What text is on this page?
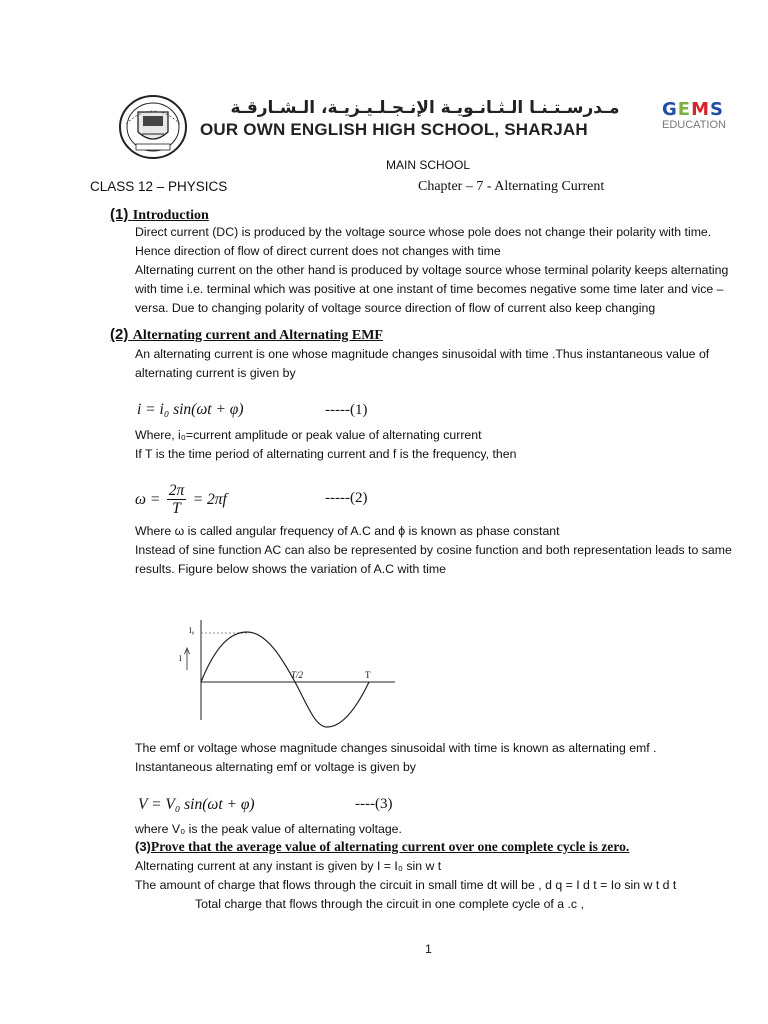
مـدرسـتـنـا الـثـانـويـة الإنـجـلـيـزيـة، الـشـارقـة
OUR OWN ENGLISH HIGH SCHOOL, SHARJAH
GEMS
EDUCATION
MAIN SCHOOL
CLASS 12 – PHYSICS	Chapter – 7 - Alternating Current
(1) Introduction
Direct current (DC) is produced by the voltage source whose pole does not change their polarity with time.
Hence direction of flow of direct current does not changes with time
Alternating current on the other hand is produced by voltage source whose terminal polarity keeps alternating
with time i.e. terminal which was positive at one instant of time becomes negative some time later and vice –
versa. Due to changing polarity of voltage source direction of flow of current also keep changing
(2) Alternating current and Alternating EMF
An alternating current is one whose magnitude changes sinusoidal with time .Thus instantaneous value of
alternating current is given by
i = i₀ sin(ωt + φ)	-----(1)
Where, i₀=current amplitude or peak value of alternating current
If T is the time period of alternating current and f is the frequency, then
$\omega = \frac{2\pi}{T} = 2\pi f$	-----(2)
Where ω is called angular frequency of A.C and ϕ is known as phase constant
Instead of sine function AC can also be represented by cosine function and both representation leads to same
results. Figure below shows the variation of A.C with time
I₀
I
T/2	T
The emf or voltage whose magnitude changes sinusoidal with time is known as alternating emf .
Instantaneous alternating emf or voltage is given by
V = V₀ sin(ωt + φ)	----(3)
where V₀ is the peak value of alternating voltage.
(3)Prove that the average value of alternating current over one complete cycle is zero.
Alternating current at any instant is given by I = I₀ sin w t
The amount of charge that flows through the circuit in small time dt will be , d q = I d t = Io sin w t d t
Total charge that flows through the circuit in one complete cycle of a .c ,
1
